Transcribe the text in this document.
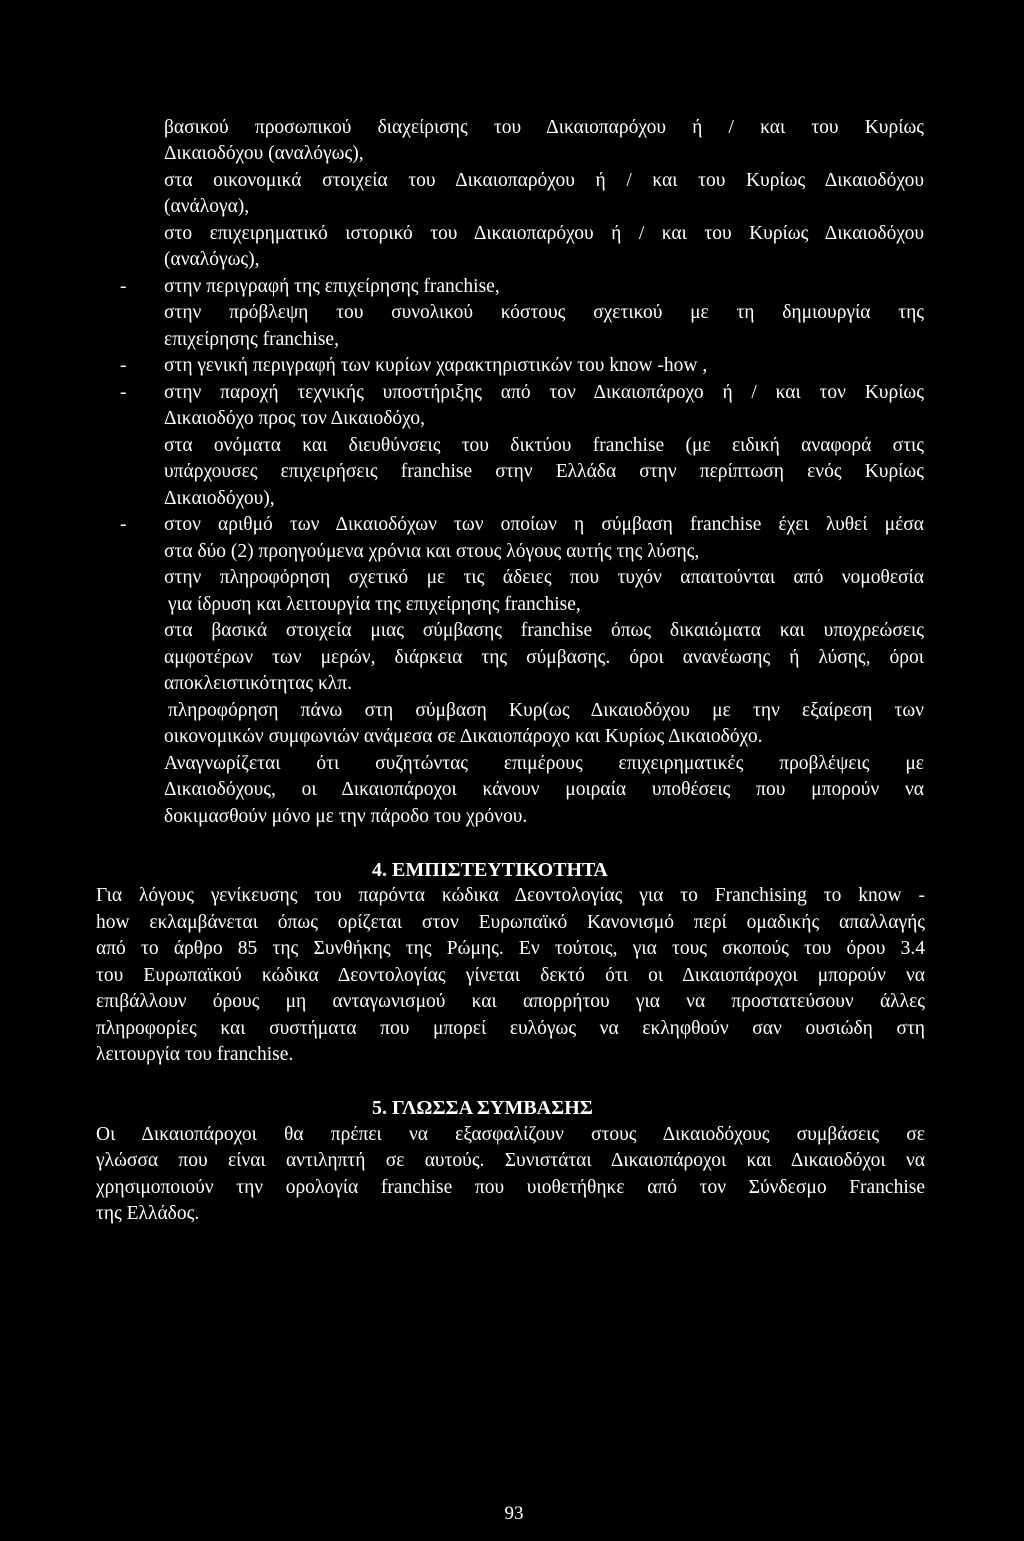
βασικού προσωπικού διαχείρισης του Δικαιοπαρόχου ή / και του Κυρίως
Δικαιοδόχου (αναλόγως),
στα οικονομικά στοιχεία του Δικαιοπαρόχου ή / και του Κυρίως Δικαιοδόχου
(ανάλογα),
στο επιχειρηματικό ιστορικό του Δικαιοπαρόχου ή / και του Κυρίως Δικαιοδόχου
(αναλόγως),
- στην περιγραφή της επιχείρησης franchise,
στην πρόβλεψη του συνολικού κόστους σχετικού με τη δημιουργία της
επιχείρησης franchise,
- στη γενική περιγραφή των κυρίων χαρακτηριστικών του know -how ,
- στην παροχή τεχνικής υποστήριξης από τον Δικαιοπάροχο ή / και τον Κυρίως
Δικαιοδόχο προς τον Δικαιοδόχο,
στα ονόματα και διευθύνσεις του δικτύου franchise (με ειδική αναφορά στις
υπάρχουσες επιχειρήσεις franchise στην Ελλάδα στην περίπτωση ενός Κυρίως
Δικαιοδόχου),
- στον αριθμό των Δικαιοδόχων των οποίων η σύμβαση franchise έχει λυθεί μέσα
στα δύο (2) προηγούμενα χρόνια και στους λόγους αυτής της λύσης,
στην πληροφόρηση σχετικό με τις άδειες που τυχόν απαιτούνται από νομοθεσία
για ίδρυση και λειτουργία της επιχείρησης franchise,
στα βασικά στοιχεία μιας σύμβασης franchise όπως δικαιώματα και υποχρεώσεις
αμφοτέρων των μερών, διάρκεια της σύμβασης. όροι ανανέωσης ή λύσης, όροι
αποκλειστικότητας κλπ.
πληροφόρηση πάνω στη σύμβαση Κυρ(ως Δικαιοδόχου με την εξαίρεση των
οικονομικών συμφωνιών ανάμεσα σε Δικαιοπάροχο και Κυρίως Δικαιοδόχο.
Αναγνωρίζεται ότι συζητώντας επιμέρους επιχειρηματικές προβλέψεις με
Δικαιοδόχους, οι Δικαιοπάροχοι κάνουν μοιραία υποθέσεις που μπορούν να
δοκιμασθούν μόνο με την πάροδο του χρόνου.
4. ΕΜΠΙΣΤΕΥΤΙΚΟΤΗΤΑ
Για λόγους γενίκευσης του παρόντα κώδικα Δεοντολογίας για το Franchising το know -
how εκλαμβάνεται όπως ορίζεται στον Ευρωπαϊκό Κανονισμό περί ομαδικής απαλλαγής
από το άρθρο 85 της Συνθήκης της Ρώμης. Εν τούτοις, για τους σκοπούς του όρου 3.4
του Ευρωπαϊκού κώδικα Δεοντολογίας γίνεται δεκτό ότι οι Δικαιοπάροχοι μπορούν να
επιβάλλουν όρους μη ανταγωνισμού και απορρήτου για να προστατεύσουν άλλες
πληροφορίες και συστήματα που μπορεί ευλόγως να εκληφθούν σαν ουσιώδη στη
λειτουργία του franchise.
5. ΓΛΩΣΣΑ ΣΥΜΒΑΣΗΣ
Οι Δικαιοπάροχοι θα πρέπει να εξασφαλίζουν στους Δικαιοδόχους συμβάσεις σε
γλώσσα που είναι αντιληπτή σε αυτούς. Συνιστάται Δικαιοπάροχοι και Δικαιοδόχοι να
χρησιμοποιούν την ορολογία franchise που υιοθετήθηκε από τον Σύνδεσμο Franchise
της Ελλάδος.
93
